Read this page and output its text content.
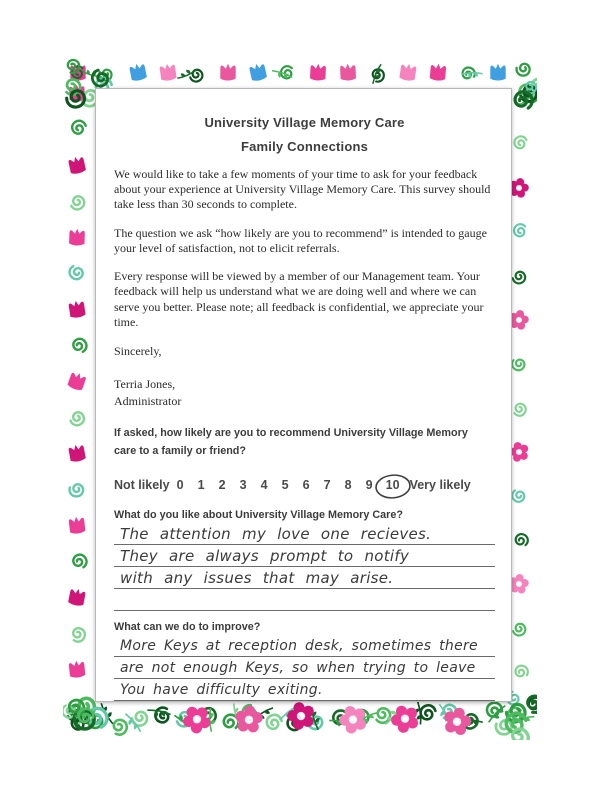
University Village Memory Care

Family Connections

We would like to take a few moments of your time to ask for your feedback about your experience at University Village Memory Care. This survey should take less than 30 seconds to complete.

The question we ask “how likely are you to recommend” is intended to gauge your level of satisfaction, not to elicit referrals.

Every response will be viewed by a member of our Management team. Your feedback will help us understand what we are doing well and where we can serve you better. Please note; all feedback is confidential, we appreciate your time.

Sincerely,

Terria Jones,

Administrator

If asked, how likely are you to recommend University Village Memory care to a family or friend?

Not likely 0	1	2	3	4	5	6	7	8	9	10 Very likely

What do you like about University Village Memory Care?

The attention my love one recieves.
They are always prompt to notify
with any issues that may arise.

What can we do to improve?

More Keys at reception desk, sometimes there
are not enough Keys, so when trying to leave
You have difficulty exiting.
